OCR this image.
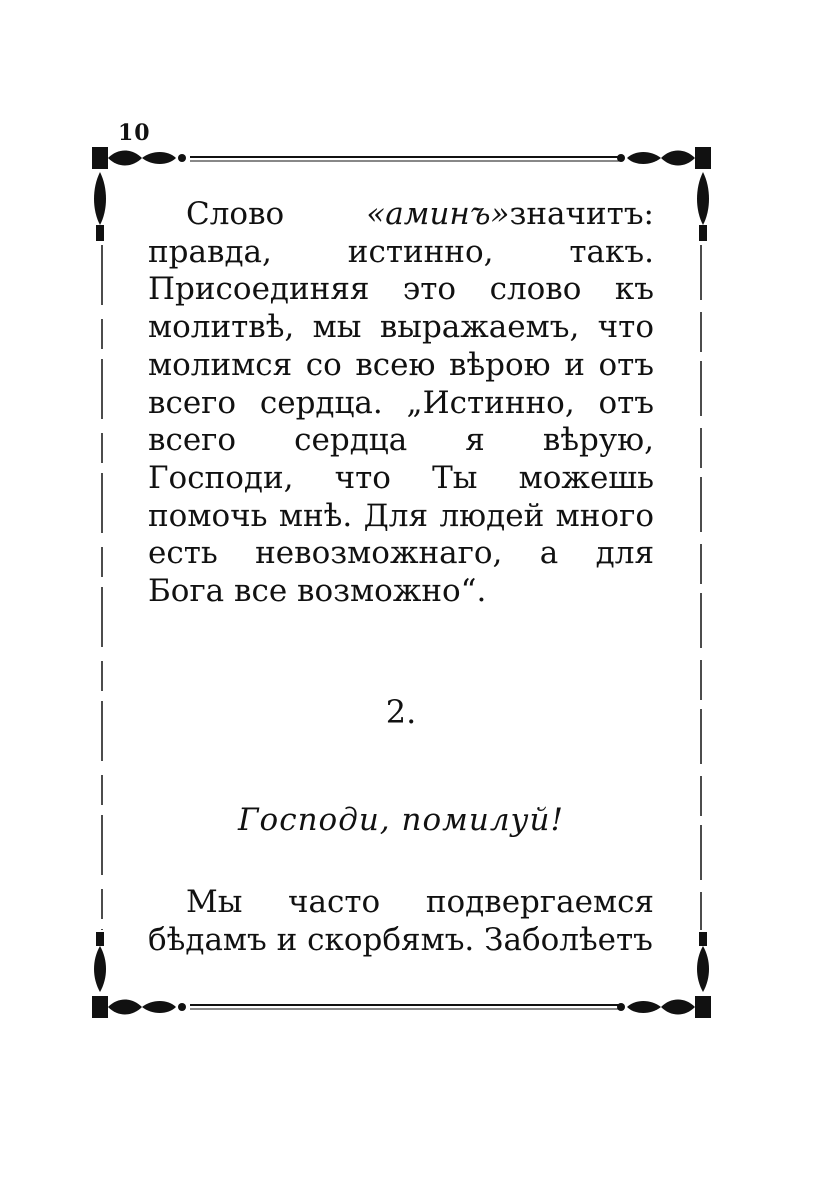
10

Слово «аминъ»значитъ: правда, истинно, такъ. Присоединяя это слово къ молитвѣ, мы выражаемъ, что молимся со всею вѣрою и отъ всего сердца. „Истинно, отъ всего сердца я вѣрую, Господи, что Ты можешь помочь мнѣ. Для людей много есть невозможнаго, а для Бога все возможно“.

2.
Господи, помилуй!

Мы часто подвергаемся бѣдамъ и скорбямъ. Заболѣетъ
